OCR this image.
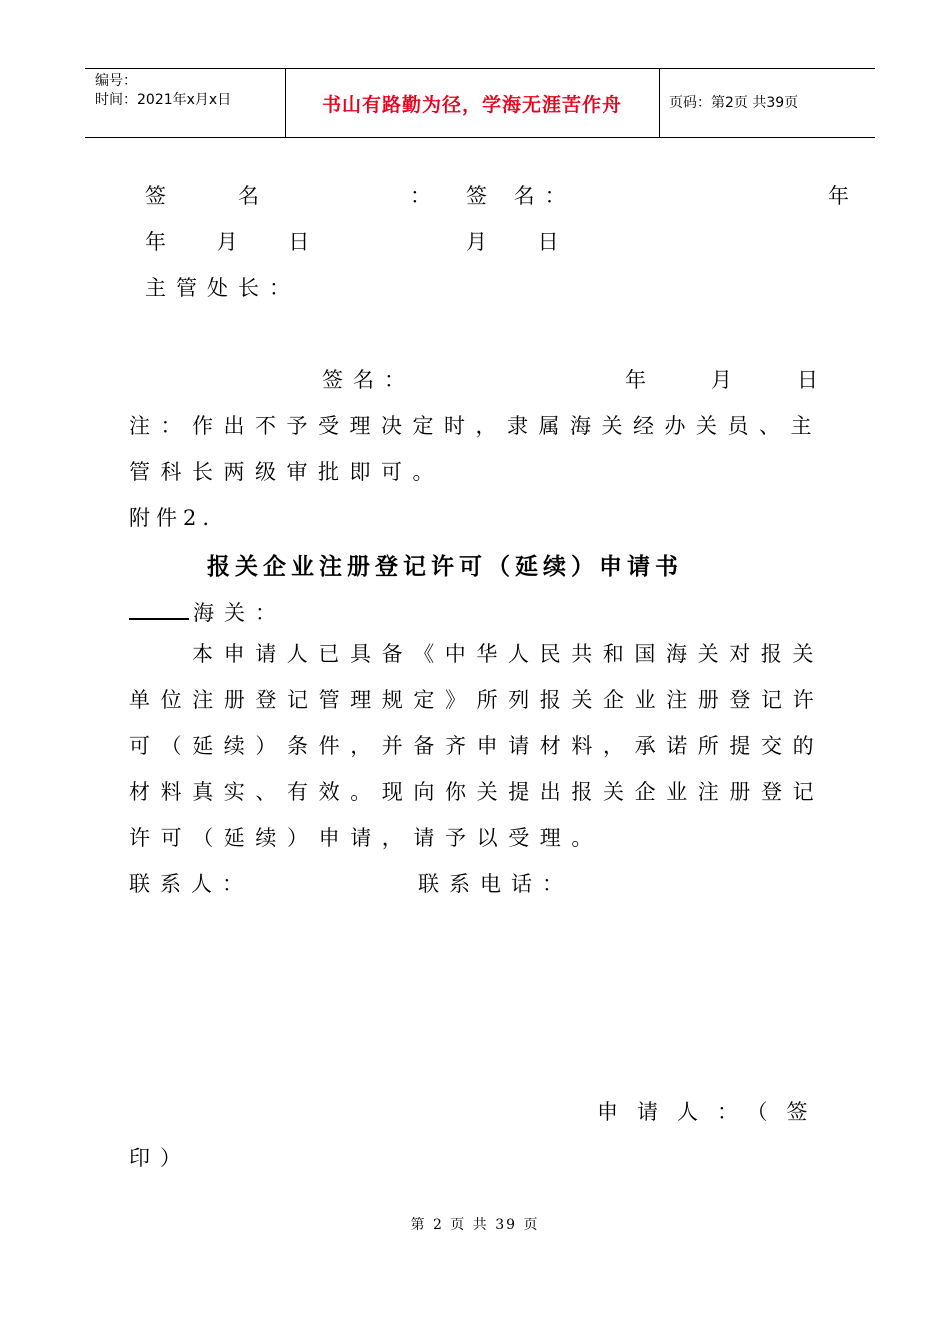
编号：
时间：2021年x月x日	书山有路勤为径，学海无涯苦作舟	页码：第2页 共39页
签　　名	： 签 名：	年
年 月 日	月 日
主管处长：
签名：	年　月　日
注：作出不予受理决定时，隶属海关经办关员、主
管科长两级审批即可。
附件2.
报关企业注册登记许可（延续）申请书
海关：
本申请人已具备《中华人民共和国海关对报关
单位注册登记管理规定》所列报关企业注册登记许
可（延续）条件，并备齐申请材料，承诺所提交的
材料真实、有效。现向你关提出报关企业注册登记
许可（延续）申请，请予以受理。
联系人：	联系电话：
申请人：（签
印）
第 2 页 共 39 页
